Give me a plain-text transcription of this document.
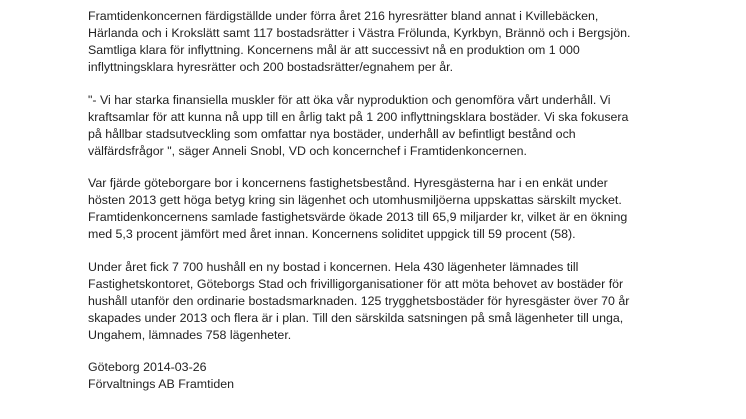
Framtidenkoncernen färdigställde under förra året 216 hyresrätter bland annat i Kvillebäcken,
Härlanda och i Krokslätt samt 117 bostadsrätter i Västra Frölunda, Kyrkbyn, Brännö och i Bergsjön.
Samtliga klara för inflyttning. Koncernens mål är att successivt nå en produktion om 1 000
inflyttningsklara hyresrätter och 200 bostadsrätter/egnahem per år.
"- Vi har starka finansiella muskler för att öka vår nyproduktion och genomföra vårt underhåll. Vi
kraftsamlar för att kunna nå upp till en årlig takt på 1 200 inflyttningsklara bostäder. Vi ska fokusera
på hållbar stadsutveckling som omfattar nya bostäder, underhåll av befintligt bestånd och
välfärdsfrågor ", säger Anneli Snobl, VD och koncernchef i Framtidenkoncernen.
Var fjärde göteborgare bor i koncernens fastighetsbestånd. Hyresgästerna har i en enkät under
hösten 2013 gett höga betyg kring sin lägenhet och utomhusmiljöerna uppskattas särskilt mycket.
Framtidenkoncernens samlade fastighetsvärde ökade 2013 till 65,9 miljarder kr, vilket är en ökning
med 5,3 procent jämfört med året innan. Koncernens soliditet uppgick till 59 procent (58).
Under året fick 7 700 hushåll en ny bostad i koncernen. Hela 430 lägenheter lämnades till
Fastighetskontoret, Göteborgs Stad och frivilligorganisationer för att möta behovet av bostäder för
hushåll utanför den ordinarie bostadsmarknaden. 125 trygghetsbostäder för hyresgäster över 70 år
skapades under 2013 och flera är i plan. Till den särskilda satsningen på små lägenheter till unga,
Ungahem, lämnades 758 lägenheter.
Göteborg 2014-03-26
Förvaltnings AB Framtiden
